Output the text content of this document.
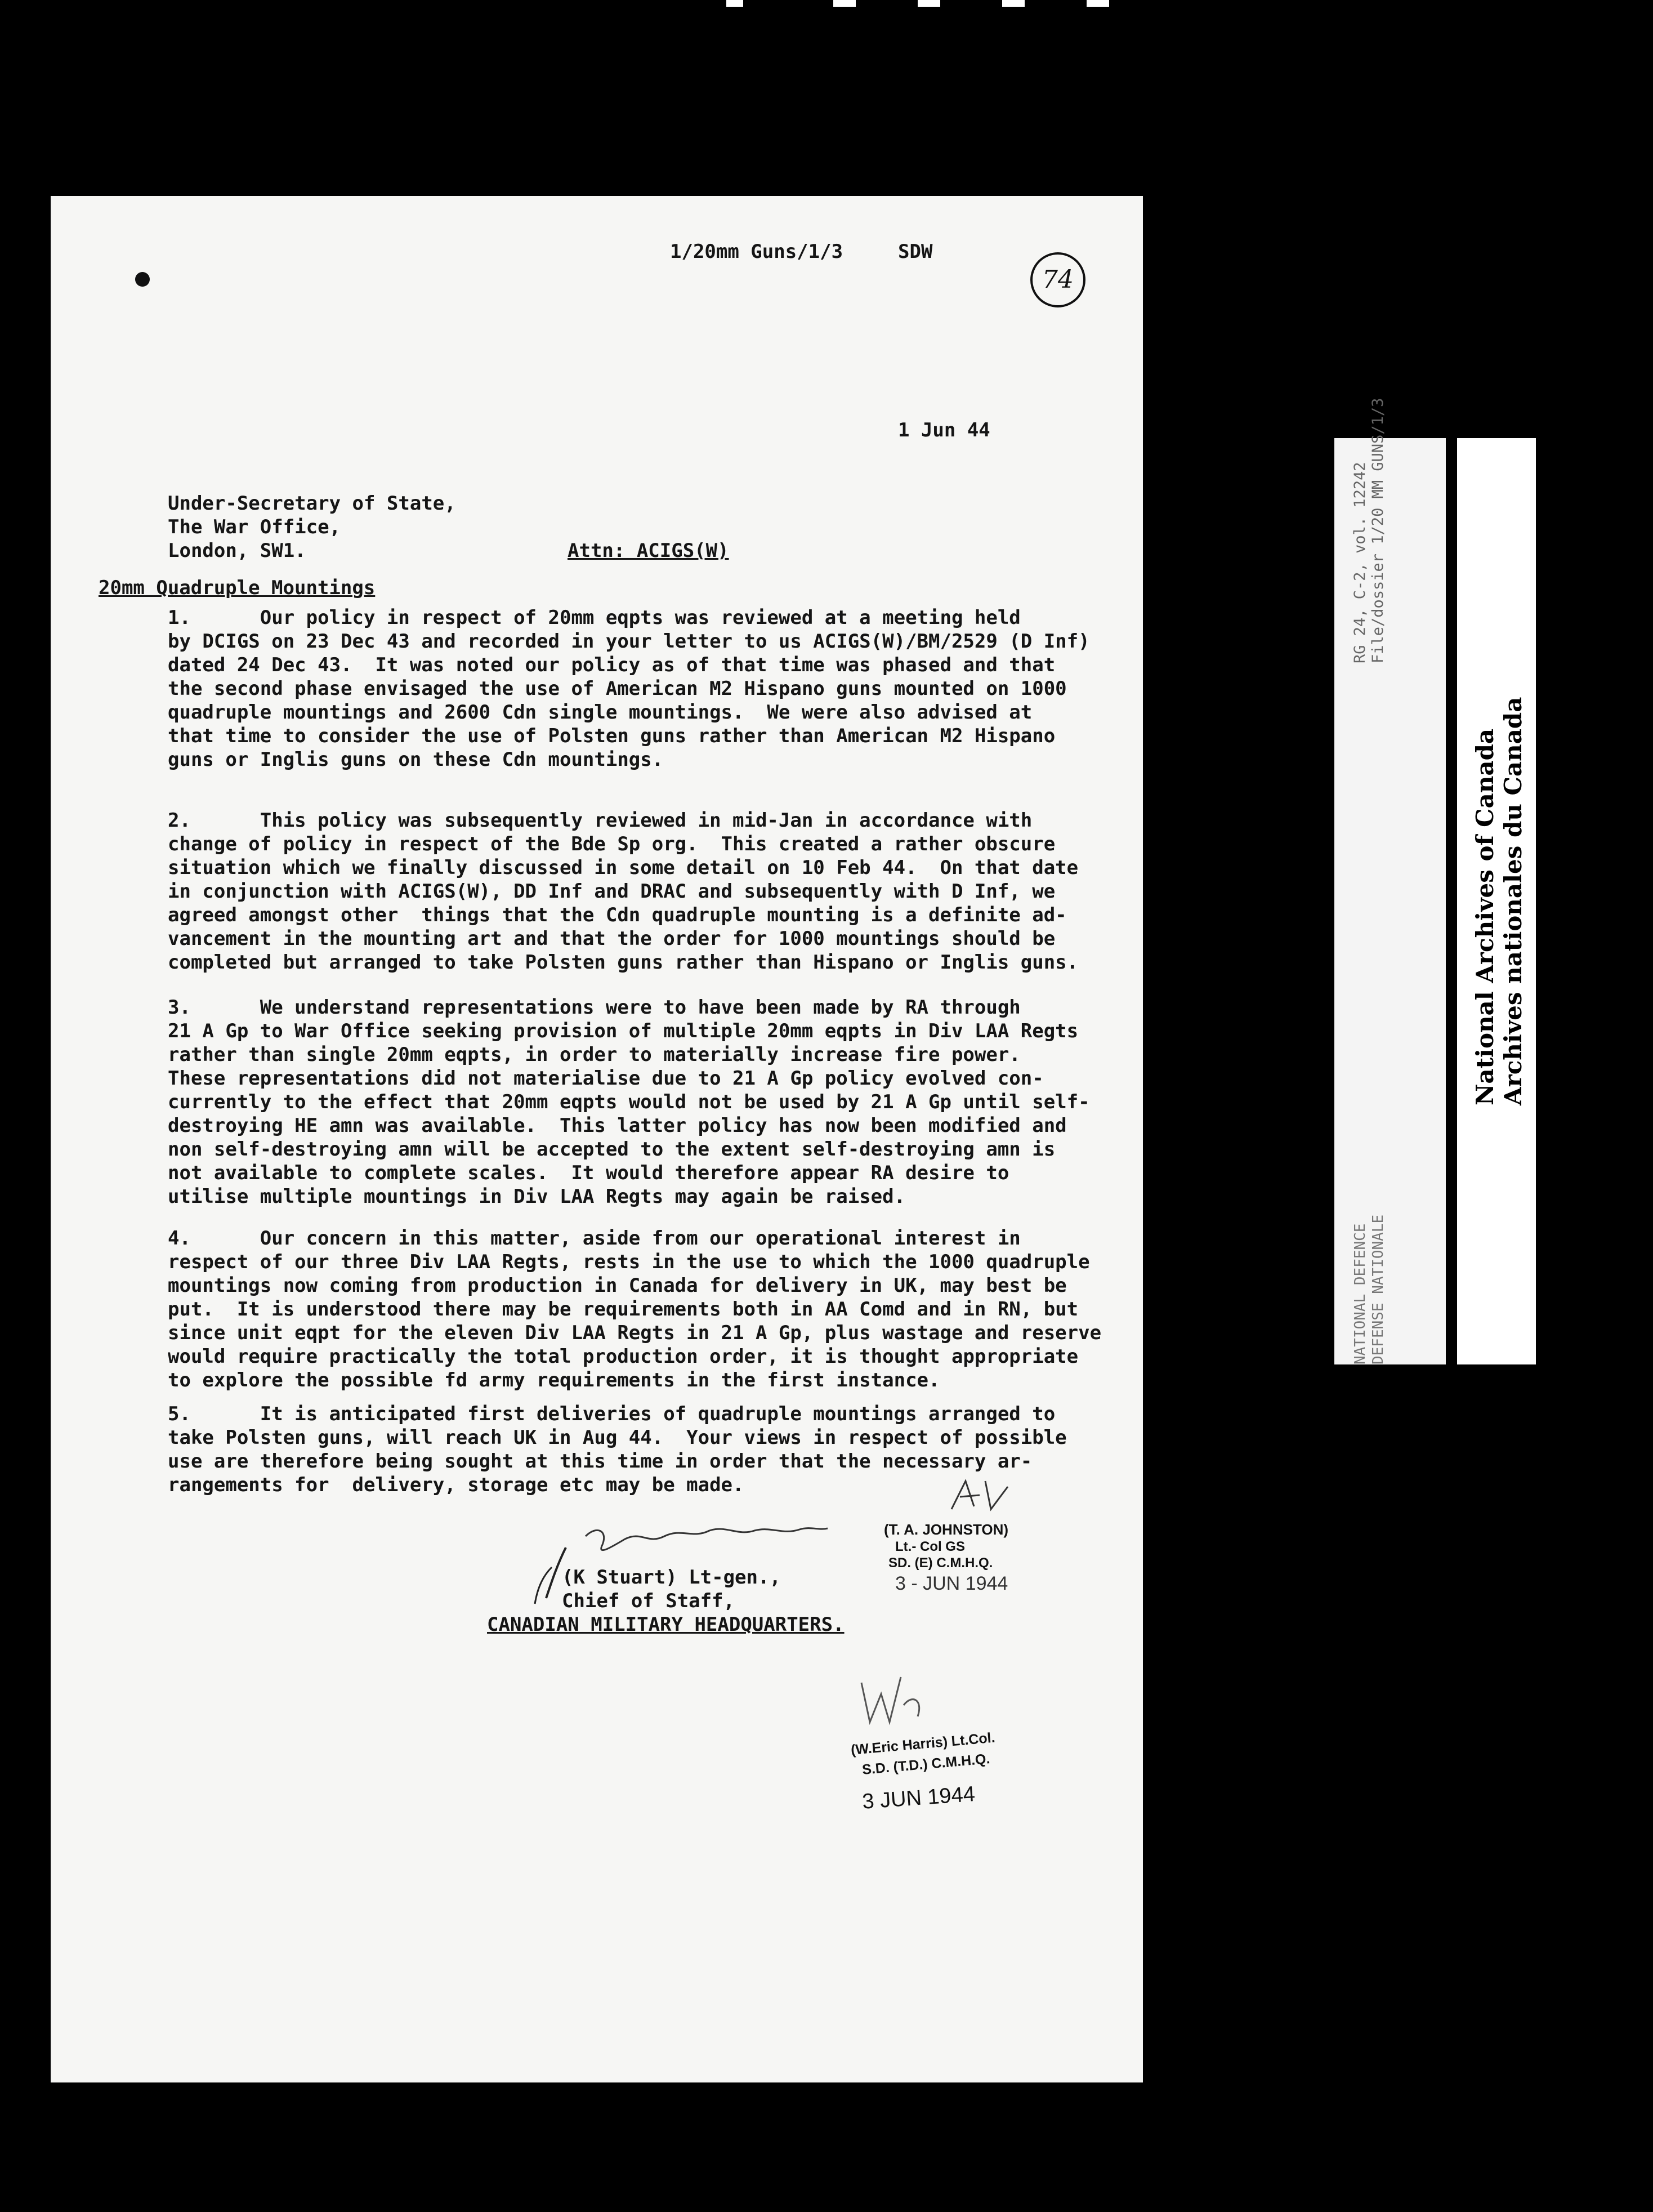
1/20mm Guns/1/3	SDW
74
1 Jun 44
Under-Secretary of State,
The War Office,
London, SW1.	Attn: ACIGS(W)
20mm Quadruple Mountings
1.      Our policy in respect of 20mm eqpts was reviewed at a meeting held
by DCIGS on 23 Dec 43 and recorded in your letter to us ACIGS(W)/BM/2529 (D Inf)
dated 24 Dec 43.  It was noted our policy as of that time was phased and that
the second phase envisaged the use of American M2 Hispano guns mounted on 1000
quadruple mountings and 2600 Cdn single mountings.  We were also advised at
that time to consider the use of Polsten guns rather than American M2 Hispano
guns or Inglis guns on these Cdn mountings.
2.      This policy was subsequently reviewed in mid-Jan in accordance with
change of policy in respect of the Bde Sp org.  This created a rather obscure
situation which we finally discussed in some detail on 10 Feb 44.  On that date
in conjunction with ACIGS(W), DD Inf and DRAC and subsequently with D Inf, we
agreed amongst other  things that the Cdn quadruple mounting is a definite ad-
vancement in the mounting art and that the order for 1000 mountings should be
completed but arranged to take Polsten guns rather than Hispano or Inglis guns.
3.      We understand representations were to have been made by RA through
21 A Gp to War Office seeking provision of multiple 20mm eqpts in Div LAA Regts
rather than single 20mm eqpts, in order to materially increase fire power.
These representations did not materialise due to 21 A Gp policy evolved con-
currently to the effect that 20mm eqpts would not be used by 21 A Gp until self-
destroying HE amn was available.  This latter policy has now been modified and
non self-destroying amn will be accepted to the extent self-destroying amn is
not available to complete scales.  It would therefore appear RA desire to
utilise multiple mountings in Div LAA Regts may again be raised.
4.      Our concern in this matter, aside from our operational interest in
respect of our three Div LAA Regts, rests in the use to which the 1000 quadruple
mountings now coming from production in Canada for delivery in UK, may best be
put.  It is understood there may be requirements both in AA Comd and in RN, but
since unit eqpt for the eleven Div LAA Regts in 21 A Gp, plus wastage and reserve
would require practically the total production order, it is thought appropriate
to explore the possible fd army requirements in the first instance.
5.      It is anticipated first deliveries of quadruple mountings arranged to
take Polsten guns, will reach UK in Aug 44.  Your views in respect of possible
use are therefore being sought at this time in order that the necessary ar-
rangements for  delivery, storage etc may be made.
(K Stuart) Lt-gen.,
Chief of Staff,
CANADIAN MILITARY HEADQUARTERS.
(T. A. JOHNSTON)
Lt.- Col GS
SD. (E) C.M.H.Q.
3 - JUN 1944
(W.Eric Harris) Lt.Col.
S.D. (T.D.) C.M.H.Q.
3 JUN 1944
RG 24, C-2, vol. 12242 File/dossier 1/20 MM GUNS/1/3
NATIONAL DEFENCE DEFENSE NATIONALE
National Archives of Canada Archives nationales du Canada
